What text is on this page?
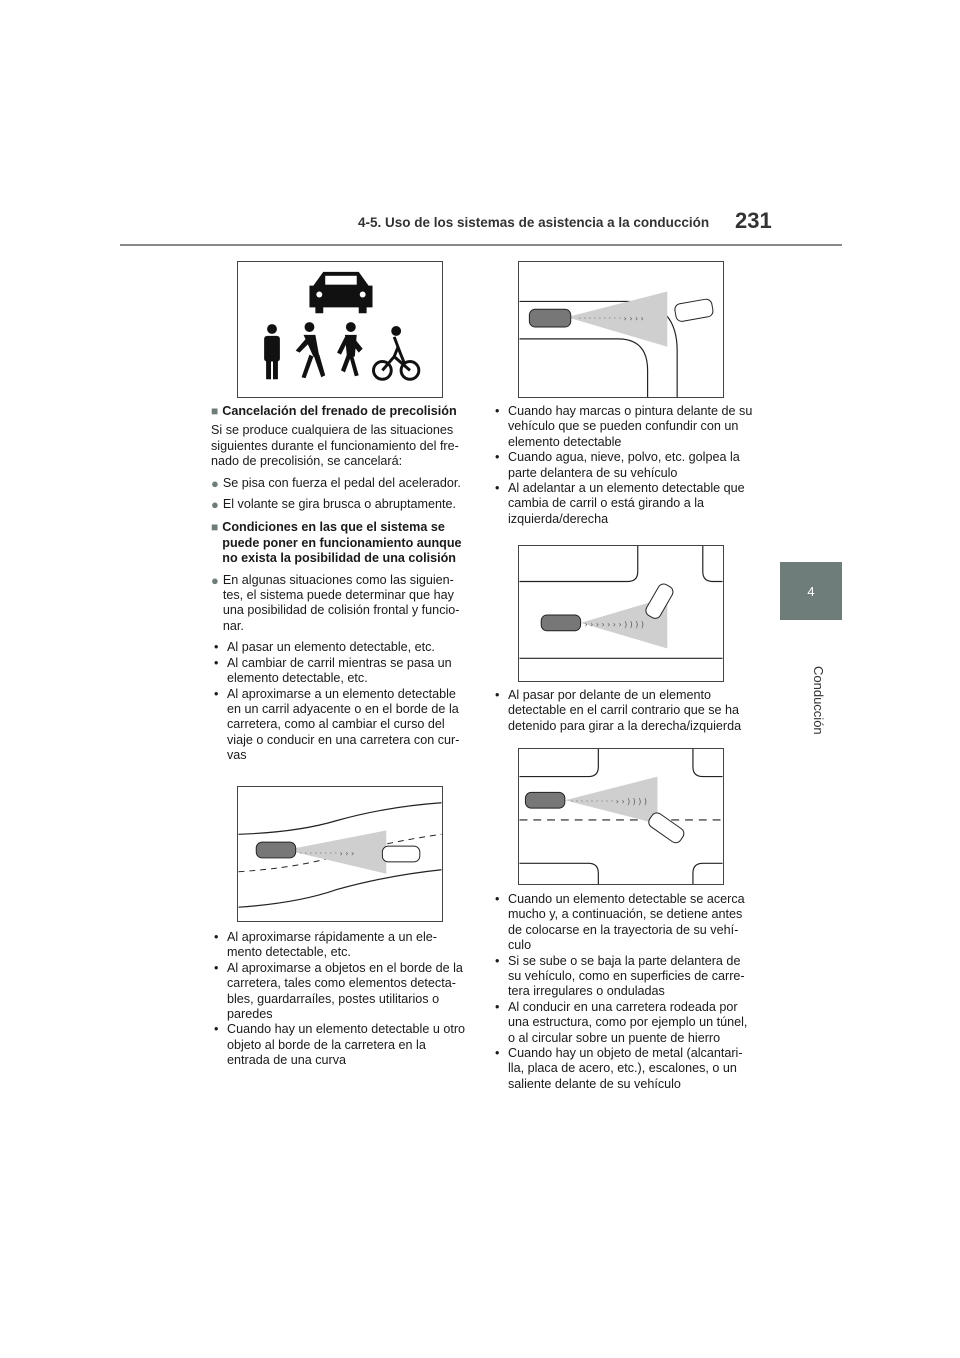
4-5. Uso de los sistemas de asistencia a la conducción 231
4
Conducción
· · · · · · · · · › › › ›

■ Cancelación del frenado de precolisión

Si se produce cualquiera de las situaciones siguientes durante el funcionamiento del fre-nado de precolisión, se cancelará:

● Se pisa con fuerza el pedal del acelerador.

● El volante se gira brusca o abruptamente.

■ Condiciones en las que el sistema se puede poner en funcionamiento aunque no exista la posibilidad de una colisión

● En algunas situaciones como las siguien-tes, el sistema puede determinar que hay una posibilidad de colisión frontal y funcio-nar.

• Al pasar un elemento detectable, etc.
• Al cambiar de carril mientras se pasa un elemento detectable, etc.
• Al aproximarse a un elemento detectable en un carril adyacente o en el borde de la carretera, como al cambiar el curso del viaje o conducir en una carretera con cur-vas
· · · · · · · · › › ›
• Al aproximarse rápidamente a un ele-mento detectable, etc.
• Al aproximarse a objetos en el borde de la carretera, tales como elementos detecta-bles, guardarraíles, postes utilitarios o paredes
• Cuando hay un elemento detectable u otro objeto al borde de la carretera en la entrada de una curva
• Cuando hay marcas o pintura delante de su vehículo que se pueden confundir con un elemento detectable
• Cuando agua, nieve, polvo, etc. golpea la parte delantera de su vehículo
• Al adelantar a un elemento detectable que cambia de carril o está girando a la izquierda/derecha
› › › › › › › ) ) ) )
• Al pasar por delante de un elemento detectable en el carril contrario que se ha detenido para girar a la derecha/izquierda
· · · · · · · · · › › ) ) ) )
• Cuando un elemento detectable se acerca mucho y, a continuación, se detiene antes de colocarse en la trayectoria de su vehí-culo
• Si se sube o se baja la parte delantera de su vehículo, como en superficies de carre-tera irregulares o onduladas
• Al conducir en una carretera rodeada por una estructura, como por ejemplo un túnel, o al circular sobre un puente de hierro
• Cuando hay un objeto de metal (alcantari-lla, placa de acero, etc.), escalones, o un saliente delante de su vehículo
